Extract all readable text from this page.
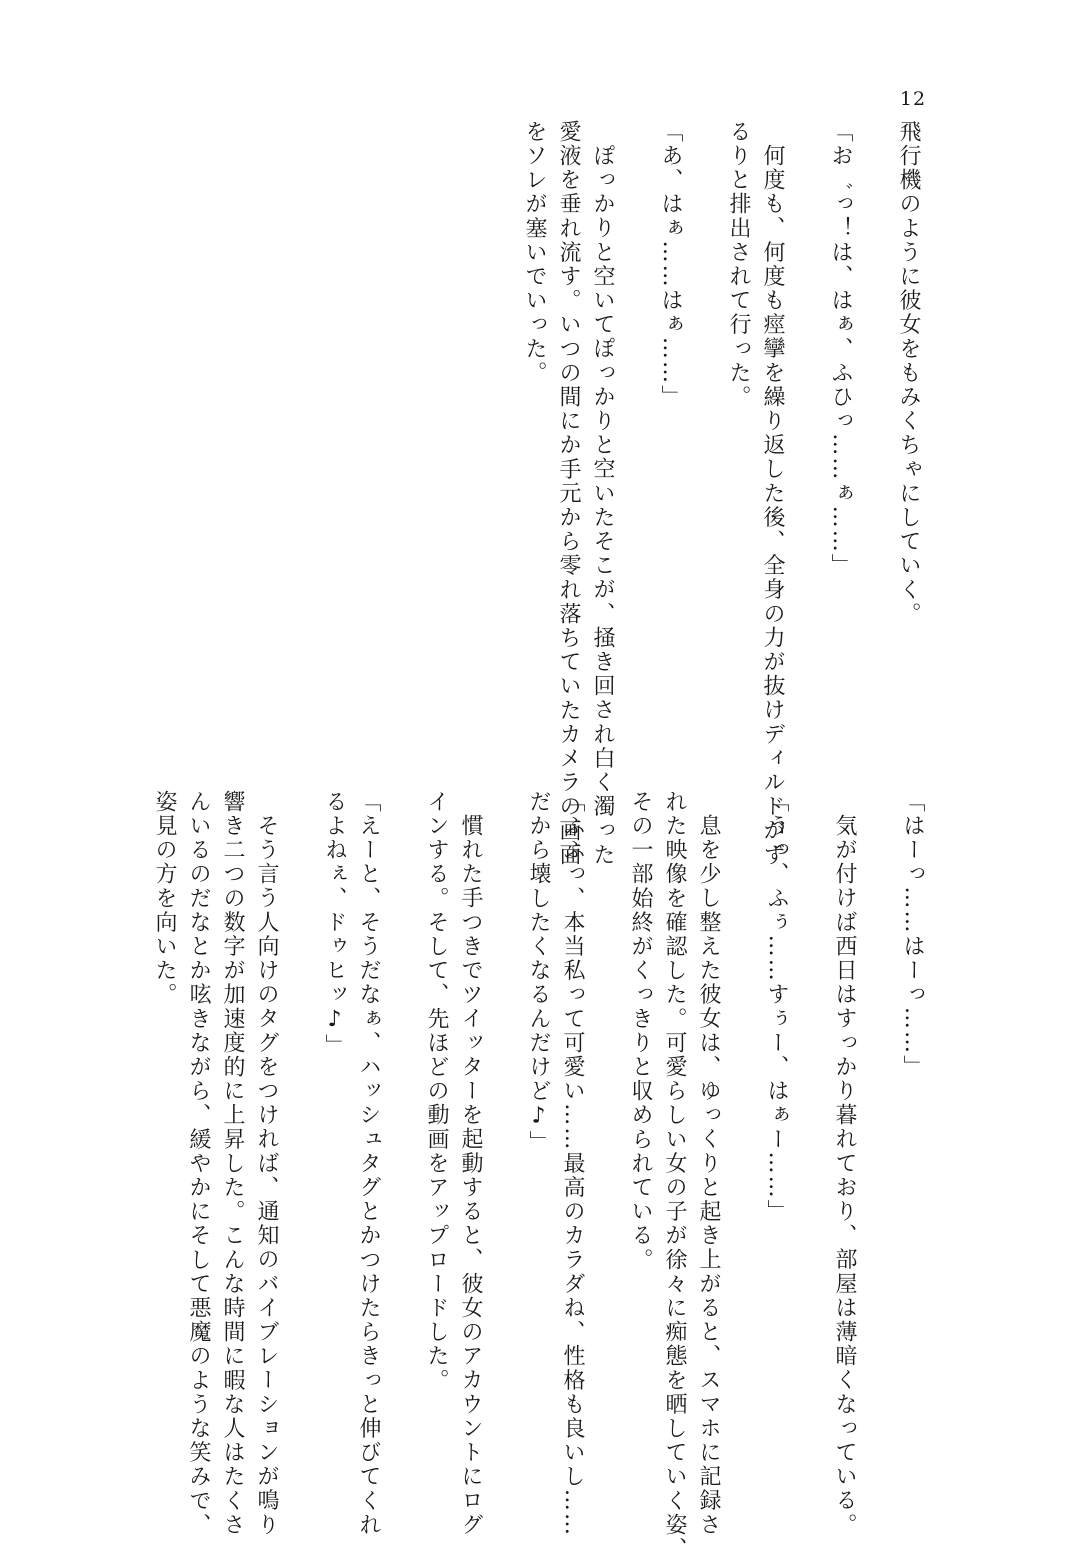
12
飛行機のように彼女をもみくちゃにしていく。
「お゛っ！は、はぁ、ふひっ……ぁ……」
何度も、何度も痙攣を繰り返した後、全身の力が抜けディルドがず
るりと排出されて行った。
「あ、はぁ……はぁ……」
ぽっかりと空いてぽっかりと空いたそこが、掻き回され白く濁った
愛液を垂れ流す。いつの間にか手元から零れ落ちていたカメラの画面
をソレが塞いでいった。
「はーっ……はーっ……」
気が付けば西日はすっかり暮れており、部屋は薄暗くなっている。
「うっ、ふぅ……すぅー、はぁー……」
息を少し整えた彼女は、ゆっくりと起き上がると、スマホに記録さ
れた映像を確認した。可愛らしい女の子が徐々に痴態を晒していく姿、
その一部始終がくっきりと収められている。
「ふふっ、本当私って可愛い……最高のカラダね、性格も良いし……
だから壊したくなるんだけど♪」
慣れた手つきでツイッターを起動すると、彼女のアカウントにログ
インする。そして、先ほどの動画をアップロードした。
「えーと、そうだなぁ、ハッシュタグとかつけたらきっと伸びてくれ
るよねぇ、ドゥヒッ♪」
そう言う人向けのタグをつければ、通知のバイブレーションが鳴り
響き二つの数字が加速度的に上昇した。こんな時間に暇な人はたくさ
んいるのだなとか呟きながら、緩やかにそして悪魔のような笑みで、
姿見の方を向いた。
